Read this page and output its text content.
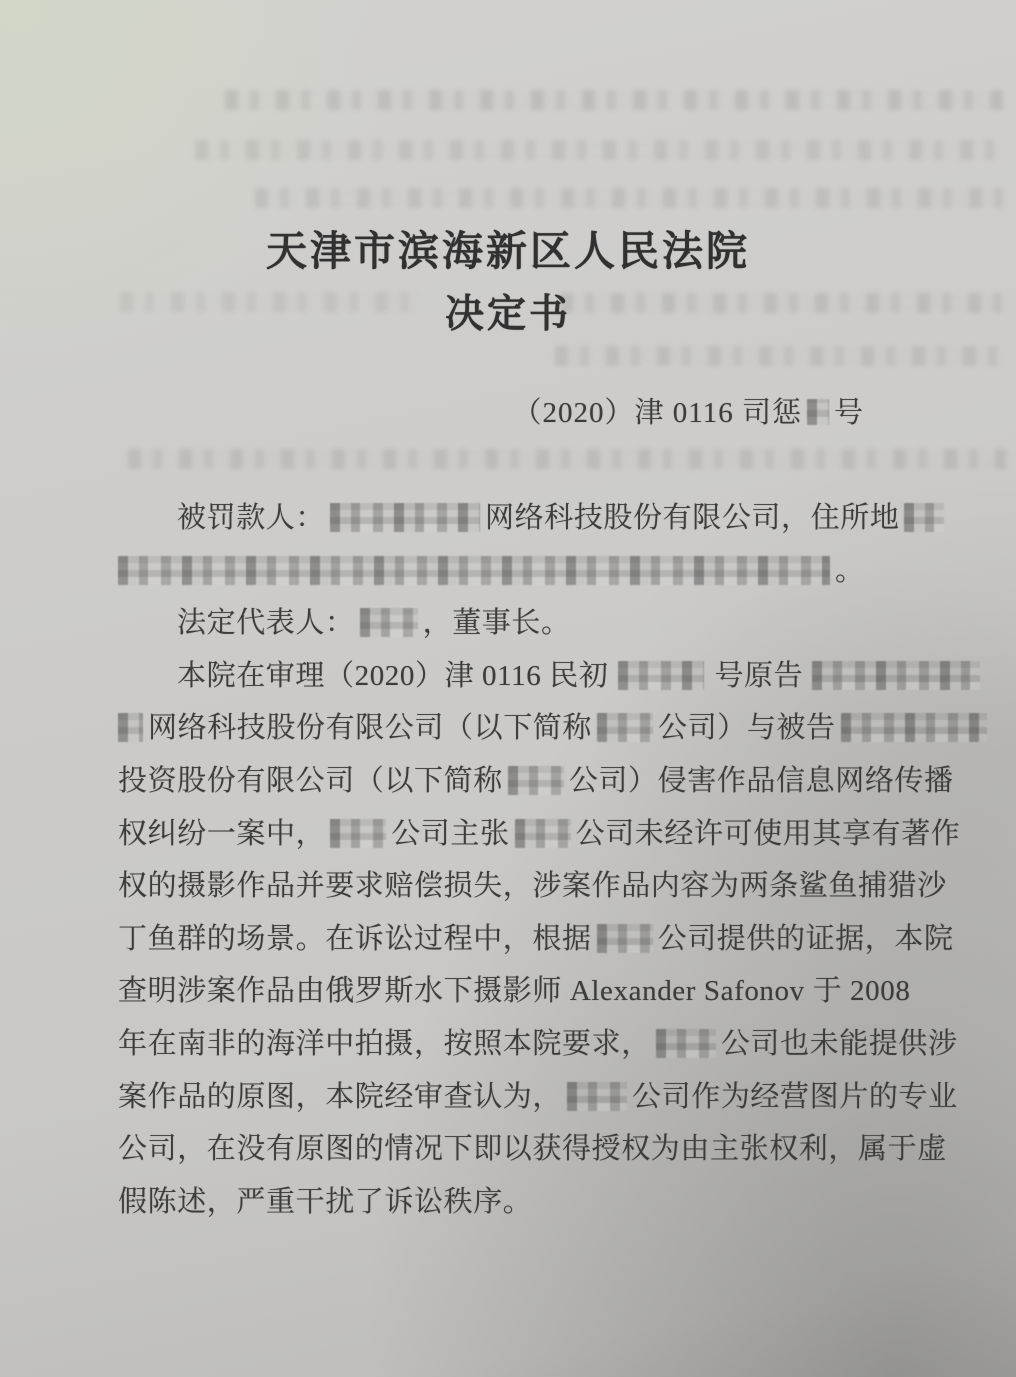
天津市滨海新区人民法院
决定书
（2020）津 0116 司惩 号
被罚款人：	网络科技股份有限公司，住所地
。
法定代表人： ，董事长。
本院在审理（2020）津 0116 民初	号原告
网络科技股份有限公司（以下简称 公司）与被告
投资股份有限公司（以下简称 公司）侵害作品信息网络传播
权纠纷一案中， 公司主张 公司未经许可使用其享有著作
权的摄影作品并要求赔偿损失，涉案作品内容为两条鲨鱼捕猎沙
丁鱼群的场景。在诉讼过程中，根据 公司提供的证据，本院
查明涉案作品由俄罗斯水下摄影师 Alexander Safonov 于 2008
年在南非的海洋中拍摄，按照本院要求， 公司也未能提供涉
案作品的原图，本院经审查认为， 公司作为经营图片的专业
公司，在没有原图的情况下即以获得授权为由主张权利，属于虚
假陈述，严重干扰了诉讼秩序。
